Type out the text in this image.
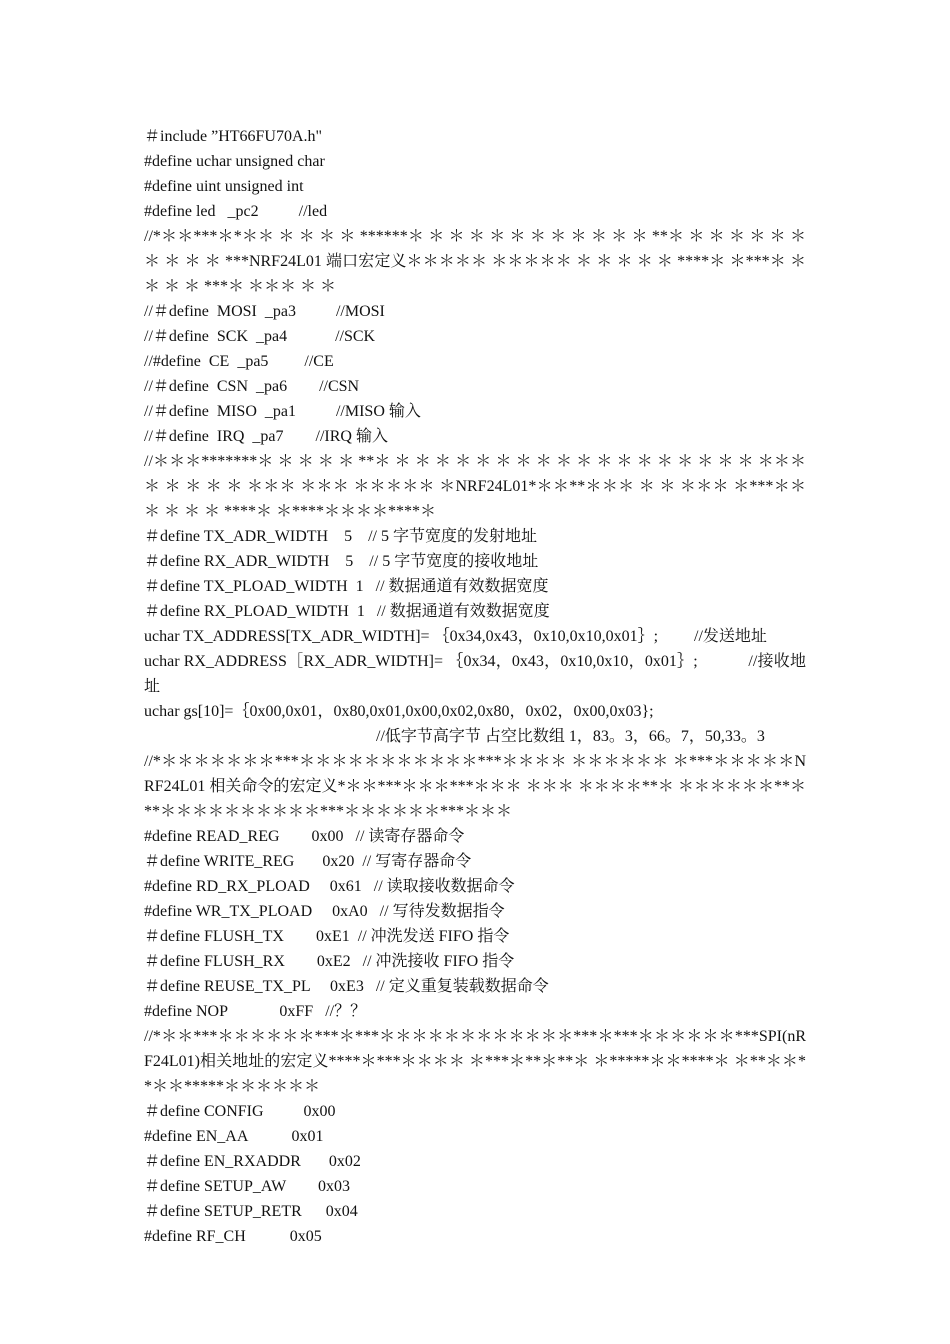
＃include ”HT66FU70A.h"

#define uchar unsigned char

#define uint unsigned int

#define led   _pc2          //led

//*＊＊***＊*＊＊ ＊ ＊ ＊ ＊ ******＊ ＊ ＊ ＊ ＊ ＊ ＊ ＊ ＊ ＊ ＊ ＊ **＊ ＊ ＊ ＊ ＊ ＊ ＊ ＊ ＊ ＊ ＊ ***NRF24L01 端口宏定义＊＊＊＊＊ ＊＊＊＊＊ ＊ ＊ ＊ ＊ ＊ ****＊ ＊***＊ ＊ ＊ ＊ ＊ ***＊ ＊＊＊ ＊ ＊

//＃define  MOSI  _pa3          //MOSI

//＃define  SCK  _pa4            //SCK

//#define  CE  _pa5         //CE

//＃define  CSN  _pa6        //CSN

//＃define  MISO  _pa1          //MISO 输入

//＃define  IRQ  _pa7        //IRQ 输入

//＊＊＊*******＊ ＊ ＊ ＊ ＊ **＊ ＊ ＊ ＊ ＊ ＊ ＊ ＊ ＊ ＊ ＊ ＊ ＊ ＊ ＊ ＊ ＊ ＊ ＊ ＊＊＊ ＊ ＊ ＊ ＊ ＊ ＊＊＊ ＊＊＊ ＊＊＊＊＊ ＊NRF24L01*＊＊**＊＊＊ ＊ ＊ ＊＊＊ ＊***＊＊ ＊ ＊ ＊ ＊ ****＊ ＊****＊＊＊＊****＊

＃define TX_ADR_WIDTH    5    // 5 字节宽度的发射地址

＃define RX_ADR_WIDTH    5    // 5 字节宽度的接收地址

＃define TX_PLOAD_WIDTH  1   // 数据通道有效数据宽度

＃define RX_PLOAD_WIDTH  1   // 数据通道有效数据宽度

uchar TX_ADDRESS[TX_ADR_WIDTH]= ｛0x34,0x43，0x10,0x10,0x01｝;         //发送地址

uchar RX_ADDRESS［RX_ADR_WIDTH]= ｛0x34，0x43，0x10,0x10，0x01｝;            //接收地址

uchar gs[10]=｛0x00,0x01，0x80,0x01,0x00,0x02,0x80，0x02，0x00,0x03};

//低字节高字节 占空比数组 1，83。3，66。7，50,33。3

//*＊＊＊＊＊＊＊***＊＊＊＊＊＊＊＊＊＊＊***＊＊＊＊ ＊＊＊＊＊＊ ＊***＊＊＊＊＊NRF24L01 相关命令的宏定义*＊＊***＊＊＊***＊＊＊ ＊＊＊ ＊＊＊＊**＊ ＊＊＊＊＊＊**＊**＊＊＊＊＊＊＊＊＊＊***＊＊＊＊＊＊***＊＊＊

#define READ_REG        0x00   // 读寄存器命令

＃define WRITE_REG       0x20  // 写寄存器命令

#define RD_RX_PLOAD     0x61   // 读取接收数据命令

#define WR_TX_PLOAD     0xA0   // 写待发数据指令

＃define FLUSH_TX        0xE1  // 冲洗发送 FIFO 指令

＃define FLUSH_RX        0xE2   // 冲洗接收 FIFO 指令

＃define REUSE_TX_PL     0xE3   // 定义重复装载数据命令

#define NOP             0xFF   //？？

//*＊＊***＊＊＊＊＊＊***＊***＊＊＊＊＊＊＊＊＊＊＊＊***＊***＊＊＊＊＊＊***SPI(nRF24L01)相关地址的宏定义****＊***＊＊＊＊ ＊***＊**＊**＊ ＊*****＊＊****＊ ＊**＊＊**＊＊*****＊＊＊＊＊＊

＃define CONFIG          0x00

#define EN_AA           0x01

＃define EN_RXADDR       0x02

＃define SETUP_AW        0x03

＃define SETUP_RETR      0x04

#define RF_CH           0x05
